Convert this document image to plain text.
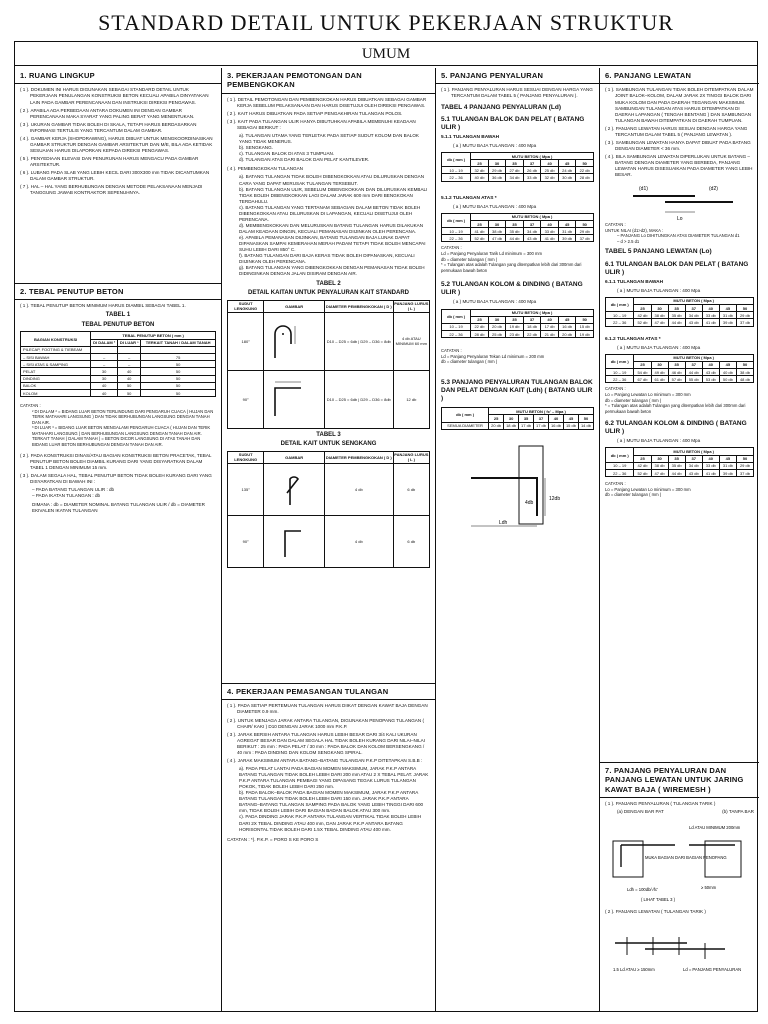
STANDARD DETAIL UNTUK PEKERJAAN STRUKTUR
UMUM
1. RUANG LINGKUP
( 1 ). DOKUMEN INI HARUS DIGUNAKAN SEBAGAI STANDARD DETAIL UNTUK PEKERJAAN PENULANGAN KONSTRUKSI BETON KECUALI APABILA DINYATAKAN LAIN PADA GAMBAR PERENCANAAN DAN INSTRUKSI DIREKSI PENGAWAS.
( 2 ). APABILA ADA PERBEDAAN ANTARA DOKUMEN INI DENGAN GAMBAR PERENCANAAN MAKA SYARAT YANG PALING BERAT YANG MENENTUKAN.
( 3 ). UKURAN GAMBAR TIDAK BOLEH DI SKALA, TETAPI HARUS BERDASARKAN INFORMASI TERTULIS YANG TERCANTUM DALAM GAMBAR.
( 4 ). GAMBAR KERJA (SHOPDRAWING), HARUS DIBUAT UNTUK MENGKOORDINASIKAN GAMBAR STRUKTUR DENGAN GAMBAR ARSITEKTUR DAN M/E, BILA ADA KETIDAK SESUAIAN HARUS DILAPORKAN KEPADA DIREKSI PENGAWAS.
( 5 ). PENYEDIAAN ELEVASI DAN PENURUNAN HARUS MENGACU PADA GAMBAR ARSITEKTUR.
( 6 ). LUBANG PADA SLAB YANG LEBIH KECIL DARI 300X300 mm TIDAK DICANTUMKAN DALAM GAMBAR STRUKTUR.
( 7 ). HAL – HAL YANG BERHUBUNGAN DENGAN METODE PELAKSANAAN MENJADI TANGGUNG JAWAB KONTRAKTOR SEPENUHNYA.
2. TEBAL PENUTUP BETON

( 1 ). TEBAL PENUTUP BETON MINIMUM HARUS DIAMBIL SEBAGAI TABEL 1.

TABEL 1
TEBAL PENUTUP BETON
BAGIAN KONSTRUKSI	TEBAL PENUTUP BETON ( mm )		
	DI DALAM ²	DI LUAR ³	TERKAIT TANAH / DALAM TANAH
PILECAP, FOOTING & TIEBEAM			
– SISI BAWAH	–	–	75
– SISI ATAS & SAMPING	–	–	50
PELAT	30	40	50
DINDING	30	40	50
BALOK	40	50	50
KOLOM	40	50	50

CATATAN :

² DI DALAM ² = BIDANG LUAR BETON TERLINDUNG DARI PENGARUH CUACA ( HUJAN DAN TERIK MATAHARI LANGSUNG ) DAN TIDAK BERHUBUNGAN LANGSUNG DENGAN TANAH DAN AIR.

³ DI LUAR ³ = BIDANG LUAR BETON MENGALAMI PENGARUH CUACA ( HUJAN DAN TERIK MATAHARI LANGSUNG ) DAN BERHUBUNGAN LANGSUNG DENGAN TANAH DAN AIR.

TERKAIT TANAH ( DALAM TANAH ) = BETON DICOR LANGSUNG DI ATAS TANAH DAN BIDANG LUAR BETON BERHUBUNGAN DENGAN TANAH DAN AIR.

( 2 ). PADA KONSTRUKSI DINAS/ATAU BAGIAN KONSTRUKSI BETON PRACETAK, TEBAL PENUTUP BETON BOLEH DIAMBIL KURANG DARI YANG DISYARATKAN DALAM TABEL 1 DENGAN MINIMUM 15 mm.
( 3 ). DALAM SEGALA HAL, TEBAL PENUTUP BETON TIDAK BOLEH KURANG DARI YANG DISYARATKAN DI BAWAH INI :

– PADA BATANG TULANGAN ULIR : db

– PADA IKATAN TULANGAN : db

DIMANA : db = DIAMETER NOMINAL BATANG TULANGAN ULIR / db = DIAMETER EKIVALEN IKATAN TULANGAN

3. PEKERJAAN PEMOTONGAN DAN PEMBENGKOKAN
( 1 ). DETAIL PEMOTONGAN DAN PEMBENGKOKAN HARUS DIBUATKAN SEBAGAI GAMBAR KERJA SEBELUM PELAKSANAAN DAN HARUS DISETUJUI OLEH DIREKSI PENGAWAS.
( 2 ). KAIT HARUS DIBUATKAN PADA SETIAP PENGAKHIRAN TULANGAN POLOS.
( 3 ). KAIT PADA TULANGAN ULIR HANYA DIBUTUHKAN APABILA MEMENUHI KEADAAN SEBAGAI BERIKUT :

a). TULANGAN UTAMA YANG TERLETAK PADA SETIAP SUDUT KOLOM DAN BALOK YANG TIDAK MENERUS.

b). SENGKANG.

c). TULANGAN BALOK DI ATAS 3 TUMPUAN.

d). TULANGAN ATAS DARI BALOK DAN PELAT KANTILEVER.

( 4 ). PEMBENGKOKAN TULANGAN

a). BATANG TULANGAN TIDAK BOLEH DIBENGKOKKAN ATAU DILURUSKAN DENGAN CARA YANG DAPAT MERUSAK TULANGAN TERSEBUT.

b). BATANG TULANGAN ULIR, SEBELUM DIBENGKOKKAN DAN DILURUSKAN KEMBALI TIDAK BOLEH DIBENGKOKKAN LAGI DALAM JARAK 600 mm DARI BENGKOKAN TERDAHULU.

c). BATANG TULANGAN YANG TERTANAM SEBAGIAN DALAM BETON TIDAK BOLEH DIBENGKOKKAN ATAU DILURUSKAN DI LAPANGAN, KECUALI DISETUJUI OLEH PERENCANA.

d). MEMBENGKOKKAN DAN MELURUSKAN BATANG TULANGAN HARUS DILAKUKAN DALAM KEADAAN DINGIN, KECUALI PEMANASAN DIIJINKAN OLEH PERENCANA.

e). APABILA PEMANASAN DIIJINKAN, BATANG TULANGAN BAJA LUNAK DAPAT DIPANASKAN SAMPAI KEMERAHAN MERAH PADAM TETAPI TIDAK BOLEH MENCAPAI SUHU LEBIH DARI 850° C.

f). BATANG TULANGAN DARI BAJA KERAS TIDAK BOLEH DIPANASKAN, KECUALI DIIJINKAN OLEH PERENCANA.

g). BATANG TULANGAN YANG DIBENGKOKKAN DENGAN PEMANASAN TIDAK BOLEH DIDINGINKAN DENGAN JALAN DISIRAM DENGAN AIR.

TABEL 2
DETAIL KAITAN UNTUK PENYALURAN KAIT STANDARD
SUDUT LENGKUNG	GAMBAR	DIAMETER PEMBENGKOKAN ( D )	PANJANG LURUS ( L )
180°		D10 – D25 = 6db | D29 – D36 = 8db	4 db ATAU MINIMUM 60 mm
90°		D10 – D25 = 6db | D29 – D36 = 8db	12 db
TABEL 3
DETAIL KAIT UNTUK SENGKANG
SUDUT LENGKUNG	GAMBAR	DIAMETER PEMBENGKOKAN ( D )	PANJANG LURUS ( L )
135°		4 db	6 db
90°		4 db	6 db
4. PEKERJAAN PEMASANGAN TULANGAN
( 1 ). PADA SETIAP PERTEMUAN TULANGAN HARUS DIIKAT DENGAN KAWAT BAJA DENGAN DIAMETER 0.9 mm.
( 2 ). UNTUK MENJAGA JARAK ANTARA TULANGAN, DIGUNAKAN PENOPANG TULANGAN ( CHAIR/ KAKI ) D10 DENGAN JARAK 1000 mm P.K.P.
( 3 ). JARAK BERSIH ANTARA TULANGAN HARUS LEBIH BESAR DARI 3/4 KALI UKURAN AGREGAT BESAR DAN DALAM SEGALA HAL TIDAK BOLEH KURANG DARI NILAI–NILAI BERIKUT : 25 mm : PADA PELAT / 30 mm : PADA BALOK DAN KOLOM BERSENGKANG / 40 mm : PADA DINDING DAN KOLOM SENGKANG SPIRAL.
( 4 ). JARAK MAKSIMUM ANTARA BATANG–BATANG TULANGAN P.K.P DITETAPKAN S.B.B :

a). PADA PELAT LANTAI PADA BAGIAN MOMEN MAKSIMUM, JARAK P.K.P ANTARA BATANG TULANGAN TIDAK BOLEH LEBIH DARI 200 mm ATAU 2 X TEBAL PELAT. JARAK P.K.P ANTARA TULANGAN PEMBAGI YANG DIPASANG TEGAK LURUS TULANGAN POKOK, TIDAK BOLEH LEBIH DARI 250 mm.

b). PADA BALOK–BALOK PADA BAGIAN MOMEN MAKSIMUM, JARAK P.K.P ANTARA BATANG TULANGAN TIDAK BOLEH LEBIH DARI 150 mm. JARAK P.K.P ANTARA BATANG–BATANG TULANGAN SAMPING PADA BALOK YANG LEBIH TINGGI DARI 600 mm, TIDAK BOLEH LEBIH DARI BAGIAN BADAN BALOK ATAU 300 mm.

c). PADA DINDING JARAK P.K.P ANTARA TULANGAN VERTIKAL TIDAK BOLEH LEBIH DARI 2X TEBAL DINDING ATAU 400 mm, DAN JARAK P.K.P ANTARA BATANG HORISONTAL TIDAK BOLEH DARI 1.5X TEBAL DINDING ATAU 400 mm.

CATATAN : *). P.K.P. = PORO S KE PORO S

5. PANJANG PENYALURAN
( 1 ). PANJANG PENYALURAN HARUS SESUAI DENGAN HARGA YANG TERCANTUM DALAM TABEL 5 ( PANJANG PENYALURAN ).
TABEL 4 PANJANG PENYALURAN (Ld)
5.1 TULANGAN BALOK DAN PELAT ( BATANG ULIR )
5.1.1 TULANGAN BAWAH

( a ) MUTU BAJA TULANGAN : 400 Mpa

db ( mm )	MUTU BETON ( Mpa )						
	25	30	35	37	40	45	50
10 – 19	32 db	29 db	27 db	26 db	25 db	24 db	22 db
22 – 36	40 db	36 db	34 db	33 db	32 db	30 db	28 db
5.1.2 TULANGAN ATAS *

( a ) MUTU BAJA TULANGAN : 400 Mpa

db ( mm )	MUTU BETON ( Mpa )						
	25	30	35	37	40	45	50
10 – 19	41 db	38 db	35 db	34 db	33 db	31 db	29 db
22 – 36	52 db	47 db	44 db	43 db	41 db	39 db	37 db

CATATAN :

Ld = Panjang Penyaluran Tarik Ld minimum = 300 mm

db = diameter tulangan ( mm )

* = Tulangan atas adalah Tulangan yang ditempatkan lebih dari 300mm dari permukaan bawah beton

5.2 TULANGAN KOLOM & DINDING ( BATANG ULIR )

( a ) MUTU BAJA TULANGAN : 400 Mpa

db ( mm )	MUTU BETON ( Mpa )						
	25	30	35	37	40	45	50
10 – 19	22 db	20 db	19 db	18 db	17 db	16 db	15 db
22 – 36	28 db	25 db	23 db	22 db	21 db	20 db	19 db

CATATAN :

Ld = Panjang Penyaluran Tekan Ld minimum = 200 mm

db = diameter tulangan ( mm )

5.3 PANJANG PENYALURAN TULANGAN BALOK DAN PELAT DENGAN KAIT (Ldh) ( BATANG ULIR )
db ( mm )	MUTU BETON ( fc' – Mpa )						
	25	30	35	37	40	45	50
SEMUA DIAMETER	20 db	18 db	17 db	17 db	16 db	15 db	14 db
12db
Ldh
4db
6. PANJANG LEWATAN
( 1 ). SAMBUNGAN TULANGAN TIDAK BOLEH DITEMPATKAN DALAM JOINT BALOK–KOLOM, DALAM JARAK 2X TINGGI BALOK DARI MUKA KOLOM DAN PADA DAERAH TEGANGAN MAKSIMUM. SAMBUNGAN TULANGAN ATAS HARUS DITEMPATKAN DI DAERAH LAPANGAN ( TENGAH BENTANG ) DAN SAMBUNGAN TULANGAN BAWAH DITEMPATKAN DI DAERAH TUMPUAN.
( 2 ). PANJANG LEWATAN HARUS SESUAI DENGAN HARGA YANG TERCANTUM DALAM TABEL 5 ( PANJANG LEWATAN ).
( 3 ). SAMBUNGAN LEWATAN HANYA DAPAT DIBUAT PADA BATANG DENGAN DIAMETER < 36 mm.
( 4 ). BILA SAMBUNGAN LEWATAN DIPERLUKAN UNTUK BATANG – BATANG DENGAN DIAMETER YANG BERBEDA, PANJANG LEWATAN HARUS DISESUAIKAN PADA DIAMETER YANG LEBIH BESAR.
(d1)	(d2)
Lo

CATATAN :

UNTUK NILAI (d1>d2), MAKA :

– PANJANG Lo DIHITUNGKAN ATAS DIAMETER TULANGAN d1

– d > 2.5 d1

TABEL 5 PANJANG LEWATAN (Lo)
6.1 TULANGAN BALOK DAN PELAT ( BATANG ULIR )
6.1.1 TULANGAN BAWAH

( a ) MUTU BAJA TULANGAN : 400 Mpa

db ( mm )	MUTU BETON ( Mpa )						
	25	30	35	37	40	45	50
10 – 19	42 db	38 db	35 db	34 db	33 db	31 db	29 db
22 – 36	52 db	47 db	44 db	43 db	41 db	39 db	37 db
6.1.2 TULANGAN ATAS *

( a ) MUTU BAJA TULANGAN : 400 Mpa

db ( mm )	MUTU BETON ( Mpa )						
	25	30	35	37	40	45	50
10 – 19	54 db	49 db	46 db	44 db	43 db	40 db	38 db
22 – 36	67 db	61 db	57 db	55 db	53 db	50 db	48 db

CATATAN :

Lo = Panjang Lewatan Lo minimum = 300 mm

db = diameter tulangan ( mm )

* = Tulangan atas adalah Tulangan yang ditempatkan lebih dari 300mm dari permukaan bawah beton

6.2 TULANGAN KOLOM & DINDING ( BATANG ULIR )

( a ) MUTU BAJA TULANGAN : 400 Mpa

db ( mm )	MUTU BETON ( Mpa )						
	25	30	35	37	40	45	50
10 – 19	42 db	38 db	35 db	34 db	33 db	31 db	29 db
22 – 36	52 db	47 db	44 db	43 db	41 db	39 db	37 db

CATATAN :

Lo = Panjang Lewatan Lo minimum = 300 mm

db = diameter tulangan ( mm )

7. PANJANG PENYALURAN DAN PANJANG LEWATAN UNTUK JARING KAWAT BAJA ( WIREMESH )

( 1 ). PANJANG PENYALURAN ( TULANGAN TARIK )

(a) DENGAN BAR PAT	(b) TANPA BAR

MUKA BAGIAN DARI BAGIAN PENOPANG
Ld ATAU MINIMUM 200mm
Ldh = 100db/√fc'
( LIHAT TABEL 3 )
≥ 50mm

( 2 ). PANJANG LEWATAN ( TULANGAN TARIK )

1.5 Ld ATAU ≥ 150mm	Ld = PANJANG PENYALURAN
